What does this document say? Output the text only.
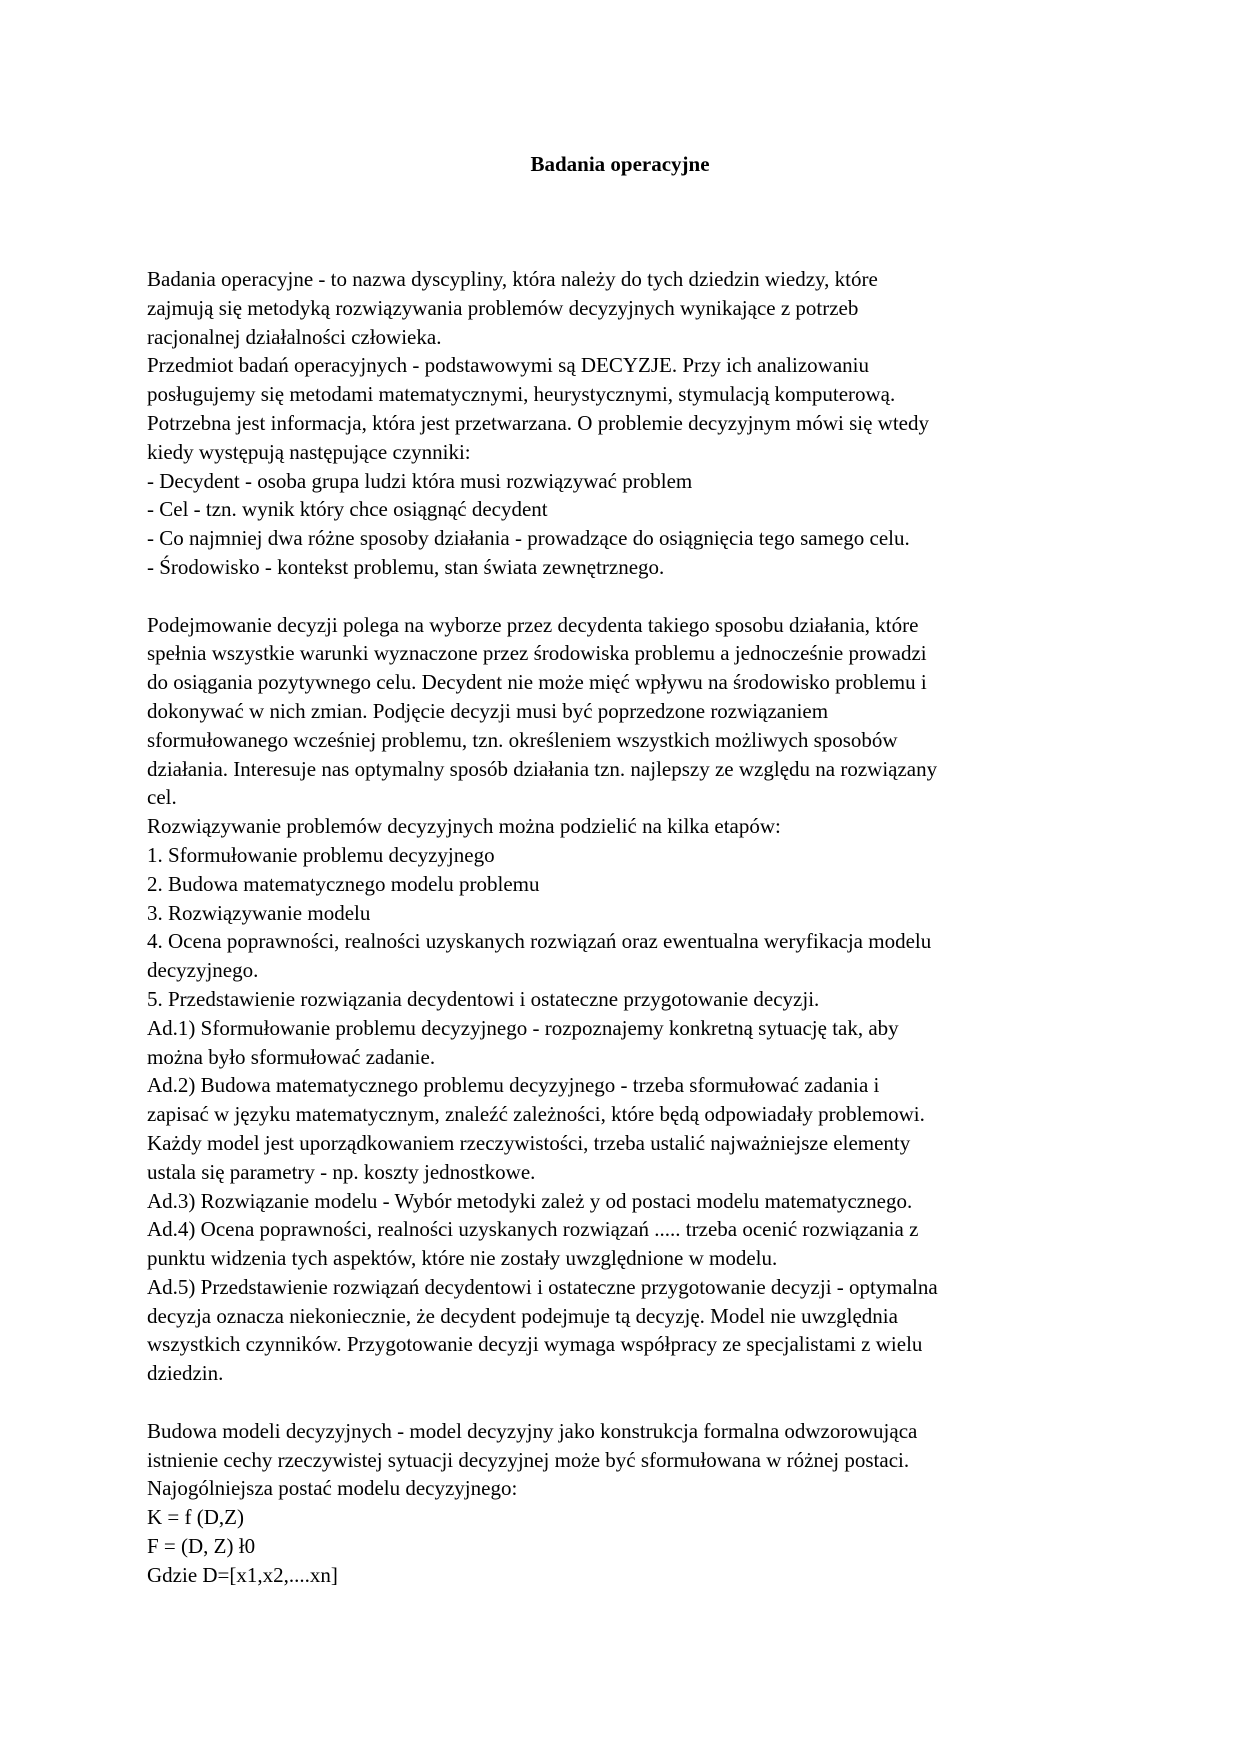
Badania operacyjne
Badania operacyjne - to nazwa dyscypliny, która należy do tych dziedzin wiedzy, które
zajmują się metodyką rozwiązywania problemów decyzyjnych wynikające z potrzeb
racjonalnej działalności człowieka.
Przedmiot badań operacyjnych - podstawowymi są DECYZJE. Przy ich analizowaniu
posługujemy się metodami matematycznymi, heurystycznymi, stymulacją komputerową.
Potrzebna jest informacja, która jest przetwarzana. O problemie decyzyjnym mówi się wtedy
kiedy występują następujące czynniki:
- Decydent - osoba grupa ludzi która musi rozwiązywać problem
- Cel - tzn. wynik który chce osiągnąć decydent
- Co najmniej dwa różne sposoby działania - prowadzące do osiągnięcia tego samego celu.
- Środowisko - kontekst problemu, stan świata zewnętrznego.
Podejmowanie decyzji polega na wyborze przez decydenta takiego sposobu działania, które
spełnia wszystkie warunki wyznaczone przez środowiska problemu a jednocześnie prowadzi
do osiągania pozytywnego celu. Decydent nie może mięć wpływu na środowisko problemu i
dokonywać w nich zmian. Podjęcie decyzji musi być poprzedzone rozwiązaniem
sformułowanego wcześniej problemu, tzn. określeniem wszystkich możliwych sposobów
działania. Interesuje nas optymalny sposób działania tzn. najlepszy ze względu na rozwiązany
cel.
Rozwiązywanie problemów decyzyjnych można podzielić na kilka etapów:
1. Sformułowanie problemu decyzyjnego
2. Budowa matematycznego modelu problemu
3. Rozwiązywanie modelu
4. Ocena poprawności, realności uzyskanych rozwiązań oraz ewentualna weryfikacja modelu
decyzyjnego.
5. Przedstawienie rozwiązania decydentowi i ostateczne przygotowanie decyzji.
Ad.1) Sformułowanie problemu decyzyjnego - rozpoznajemy konkretną sytuację tak, aby
można było sformułować zadanie.
Ad.2) Budowa matematycznego problemu decyzyjnego - trzeba sformułować zadania i
zapisać w języku matematycznym, znaleźć zależności, które będą odpowiadały problemowi.
Każdy model jest uporządkowaniem rzeczywistości, trzeba ustalić najważniejsze elementy
ustala się parametry - np. koszty jednostkowe.
Ad.3) Rozwiązanie modelu - Wybór metodyki zależ y od postaci modelu matematycznego.
Ad.4) Ocena poprawności, realności uzyskanych rozwiązań ..... trzeba ocenić rozwiązania z
punktu widzenia tych aspektów, które nie zostały uwzględnione w modelu.
Ad.5) Przedstawienie rozwiązań decydentowi i ostateczne przygotowanie decyzji - optymalna
decyzja oznacza niekoniecznie, że decydent podejmuje tą decyzję. Model nie uwzględnia
wszystkich czynników. Przygotowanie decyzji wymaga współpracy ze specjalistami z wielu
dziedzin.
Budowa modeli decyzyjnych - model decyzyjny jako konstrukcja formalna odwzorowująca
istnienie cechy rzeczywistej sytuacji decyzyjnej może być sformułowana w różnej postaci.
Najogólniejsza postać modelu decyzyjnego:
K = f (D,Z)
F = (D, Z) ł0
Gdzie D=[x1,x2,....xn]
